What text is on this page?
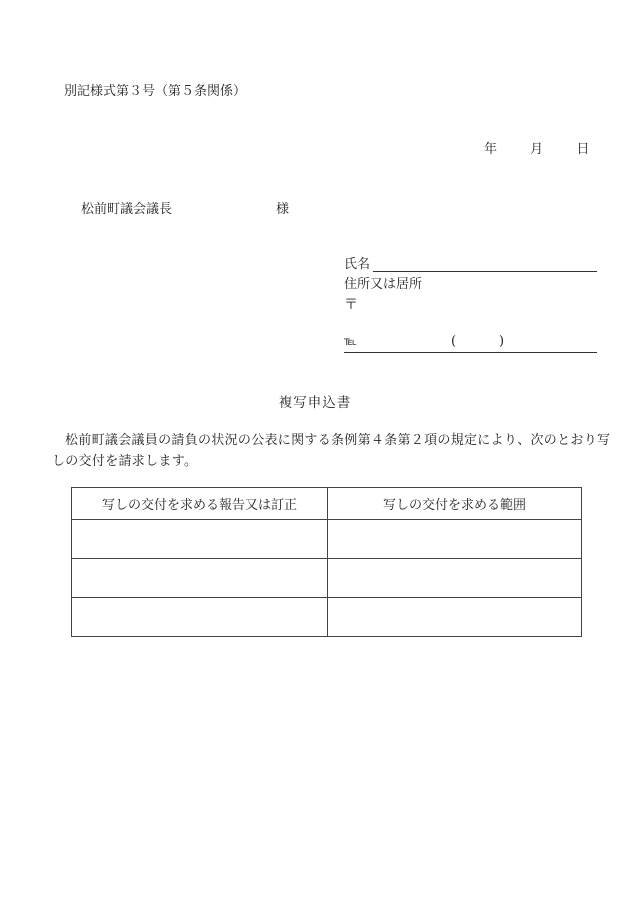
別記様式第３号（第５条関係）
年	月	日
松前町議会議長	様
氏名
住所又は居所
〒
℡	(	)
複写申込書
松前町議会議員の請負の状況の公表に関する条例第４条第２項の規定により、次のとおり写しの交付を請求します。
写しの交付を求める報告又は訂正	写しの交付を求める範囲
